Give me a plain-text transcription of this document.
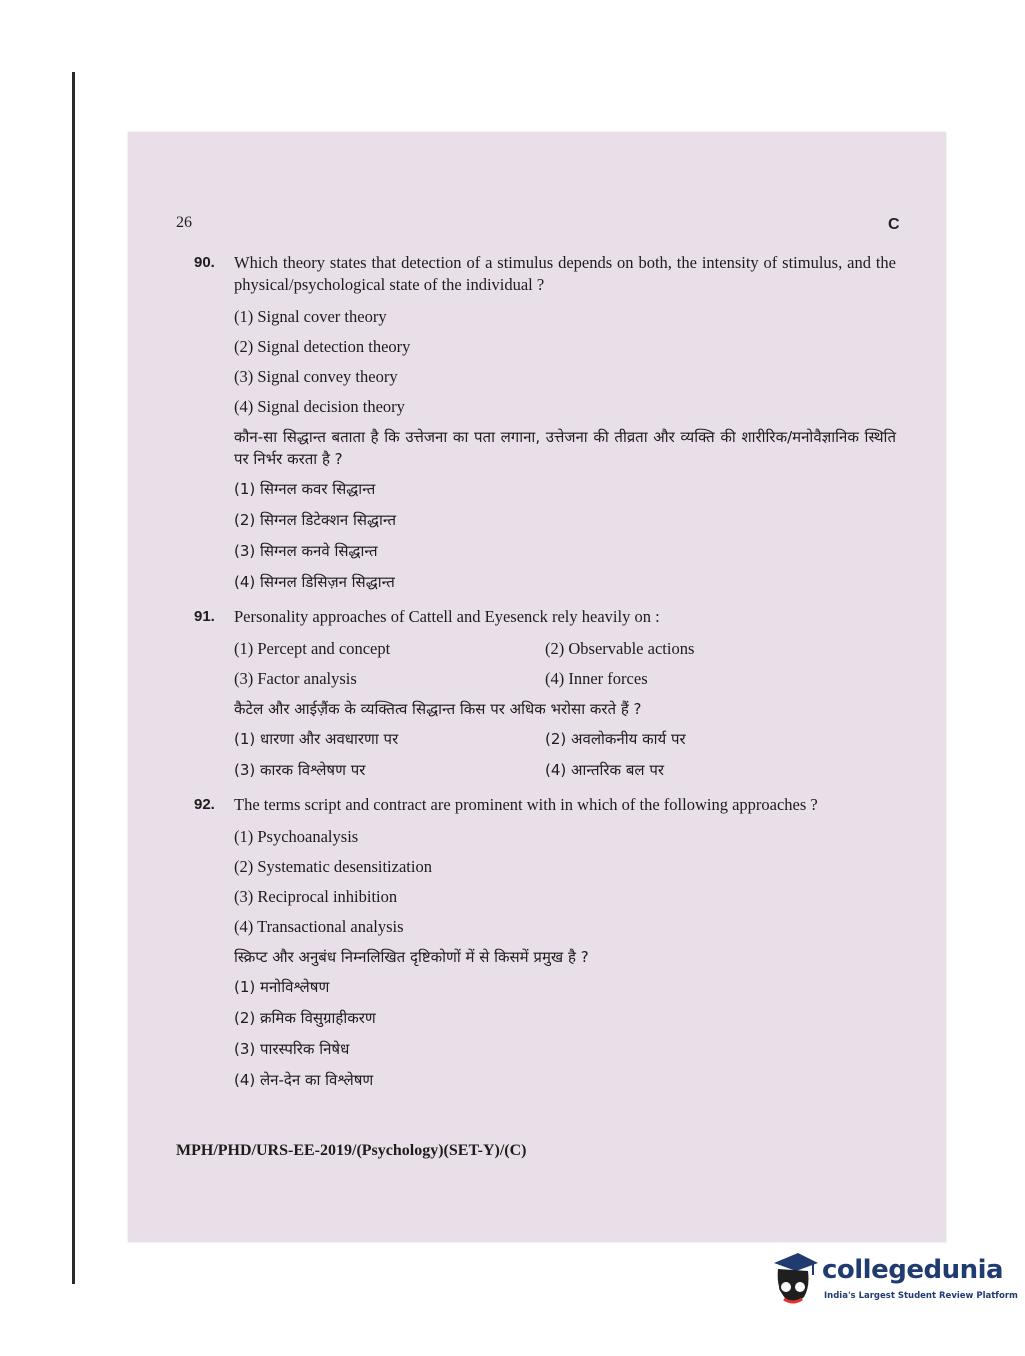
26	C
90. Which theory states that detection of a stimulus depends on both, the intensity of stimulus, and the physical/psychological state of the individual ?

(1) Signal cover theory
(2) Signal detection theory
(3) Signal convey theory
(4) Signal decision theory

कौन-सा सिद्धान्त बताता है कि उत्तेजना का पता लगाना, उत्तेजना की तीव्रता और व्यक्ति की शारीरिक/मनोवैज्ञानिक स्थिति पर निर्भर करता है ?

(1) सिग्नल कवर सिद्धान्त
(2) सिग्नल डिटेक्शन सिद्धान्त
(3) सिग्नल कनवे सिद्धान्त
(4) सिग्नल डिसिज़न सिद्धान्त
91. Personality approaches of Cattell and Eyesenck rely heavily on :

(1) Percept and concept	(2) Observable actions
(3) Factor analysis	(4) Inner forces

कैटेल और आईज़ैंक के व्यक्तित्व सिद्धान्त किस पर अधिक भरोसा करते हैं ?

(1) धारणा और अवधारणा पर	(2) अवलोकनीय कार्य पर
(3) कारक विश्लेषण पर	(4) आन्तरिक बल पर
92. The terms script and contract are prominent with in which of the following approaches ?

(1) Psychoanalysis
(2) Systematic desensitization
(3) Reciprocal inhibition
(4) Transactional analysis

स्क्रिप्ट और अनुबंध निम्नलिखित दृष्टिकोणों में से किसमें प्रमुख है ?

(1) मनोविश्लेषण
(2) क्रमिक विसुग्राहीकरण
(3) पारस्परिक निषेध
(4) लेन-देन का विश्लेषण
MPH/PHD/URS-EE-2019/(Psychology)(SET-Y)/(C)
collegedunia
India's Largest Student Review Platform
